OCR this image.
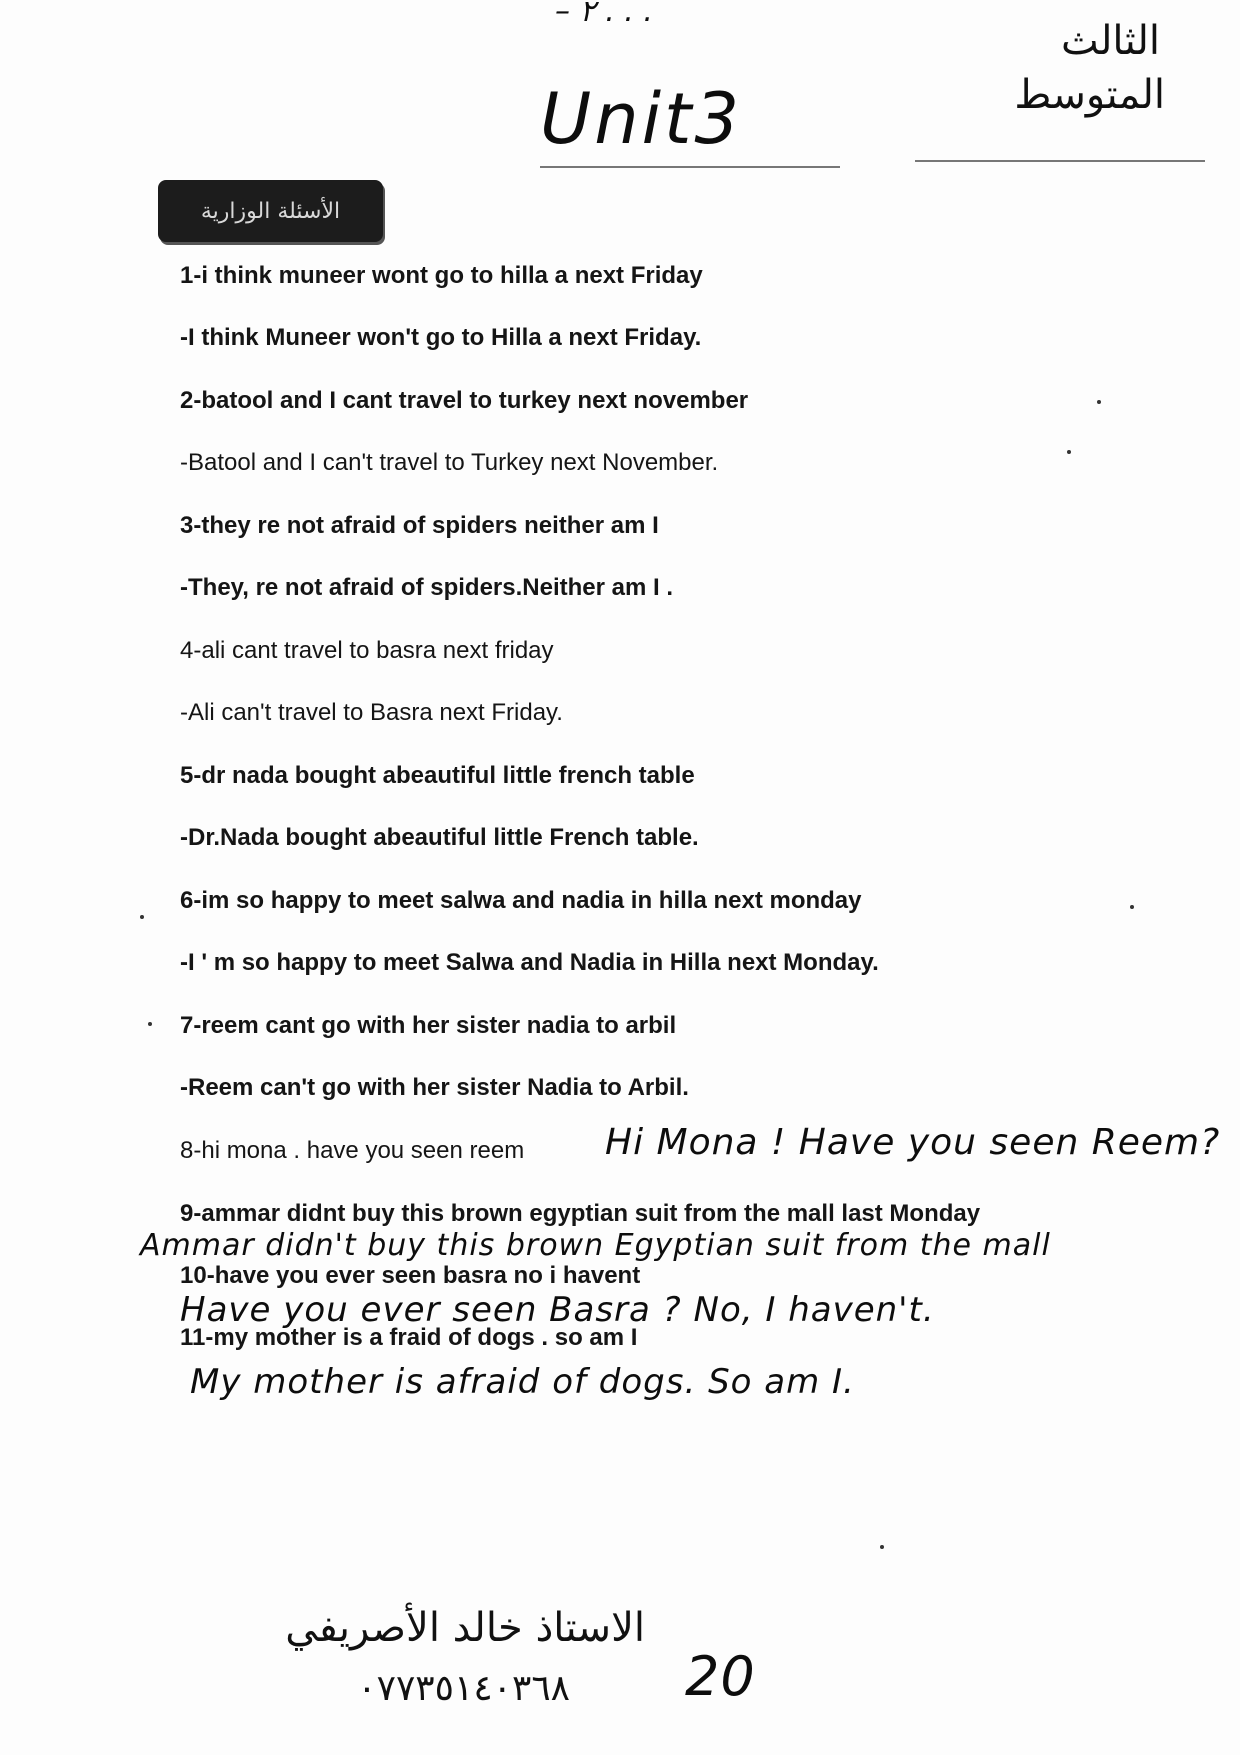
– ٢ . . .
Unit3
الثالث
المتوسط
الأسئلة الوزارية
1-i think muneer wont go to hilla a next Friday
-I think Muneer won't go to Hilla a next Friday.
2-batool and I cant travel to turkey next november
-Batool and I can't travel to Turkey next November.
3-they re not afraid of spiders neither am I
-They, re not afraid of spiders.Neither am I .
4-ali cant travel to basra next friday
-Ali can't travel to Basra next Friday.
5-dr nada bought abeautiful little french table
-Dr.Nada bought abeautiful little French table.
6-im so happy to meet salwa and nadia in hilla next monday
-I ' m so happy to meet Salwa and Nadia in Hilla next Monday.
7-reem cant go with her sister nadia to arbil
-Reem can't go with her sister Nadia to Arbil.
8-hi mona . have you seen reem Hi Mona ! Have you seen Reem?
9-ammar didnt buy this brown egyptian suit from the mall last Monday
Ammar didn't buy this brown Egyptian suit from the mall
10-have you ever seen basra no i havent
Have you ever seen Basra ? No, I haven't.
11-my mother is a fraid of dogs . so am I
My mother is afraid of dogs. So am I.
الاستاذ خالد الأصريفي
٠٧٧٣٥١٤٠٣٦٨ 20
